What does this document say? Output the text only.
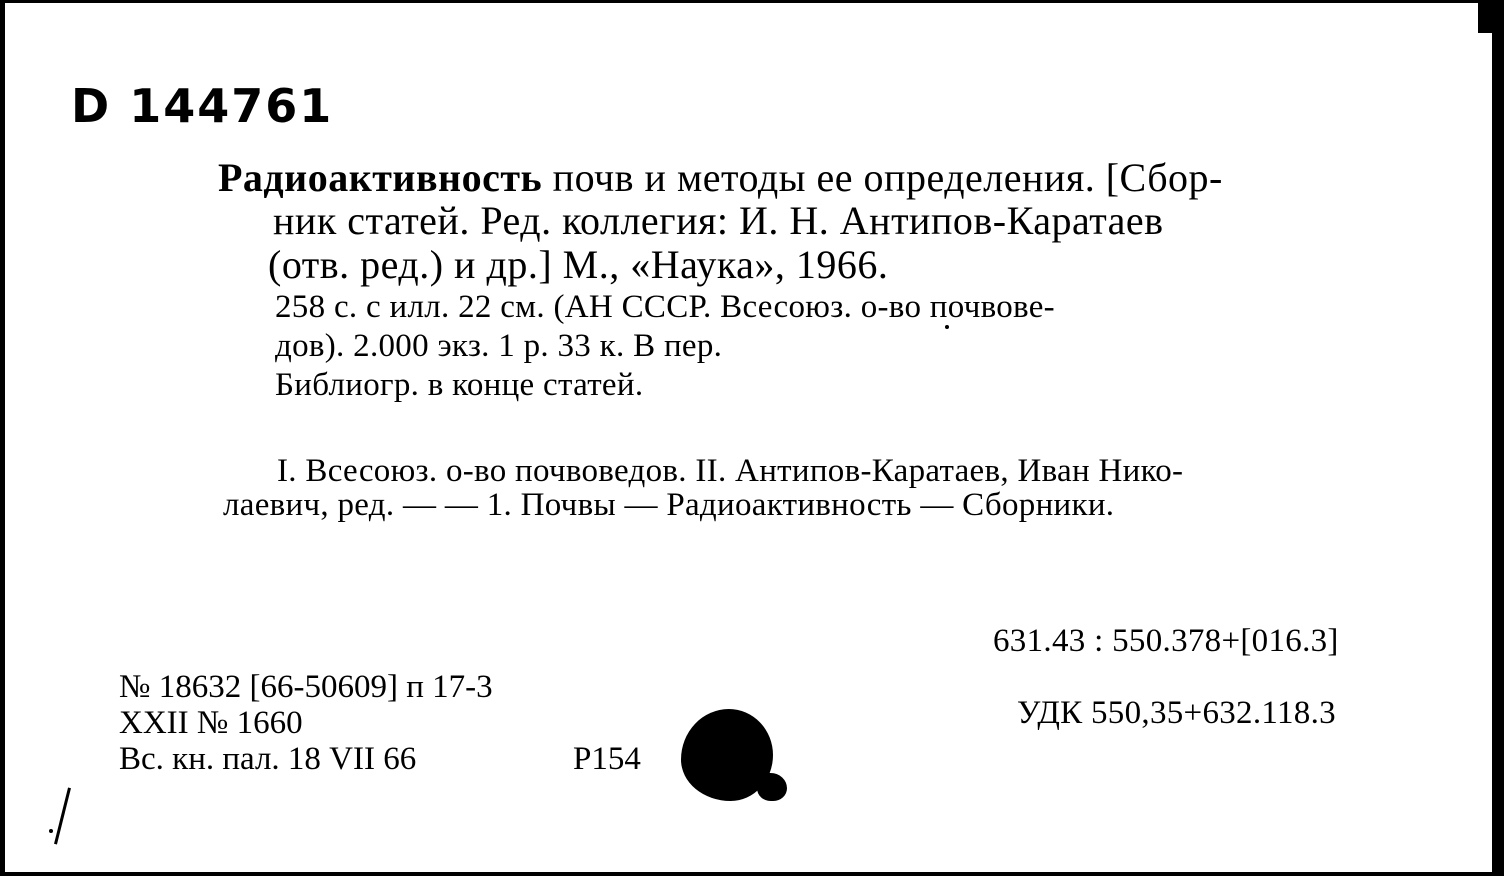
D 144761
Радиоактивность почв и методы ее определения. [Сбор-
ник статей. Ред. коллегия: И. Н. Антипов-Каратаев
(отв. ред.) и др.] М., «Наука», 1966.
258 с. с илл. 22 см. (АН СССР. Всесоюз. о-во почвове-
дов). 2.000 экз. 1 р. 33 к. В пер.
Библиогр. в конце статей.
I. Всесоюз. о-во почвоведов. II. Антипов-Каратаев, Иван Нико-
лаевич, ред. — — 1. Почвы — Радиоактивность — Сборники.
631.43 : 550.378+[016.3]
УДК 550,35+632.118.3
№ 18632 [66-50609] п 17-3
XXII № 1660
Вс. кн. пал. 18 VII 66	Р154
